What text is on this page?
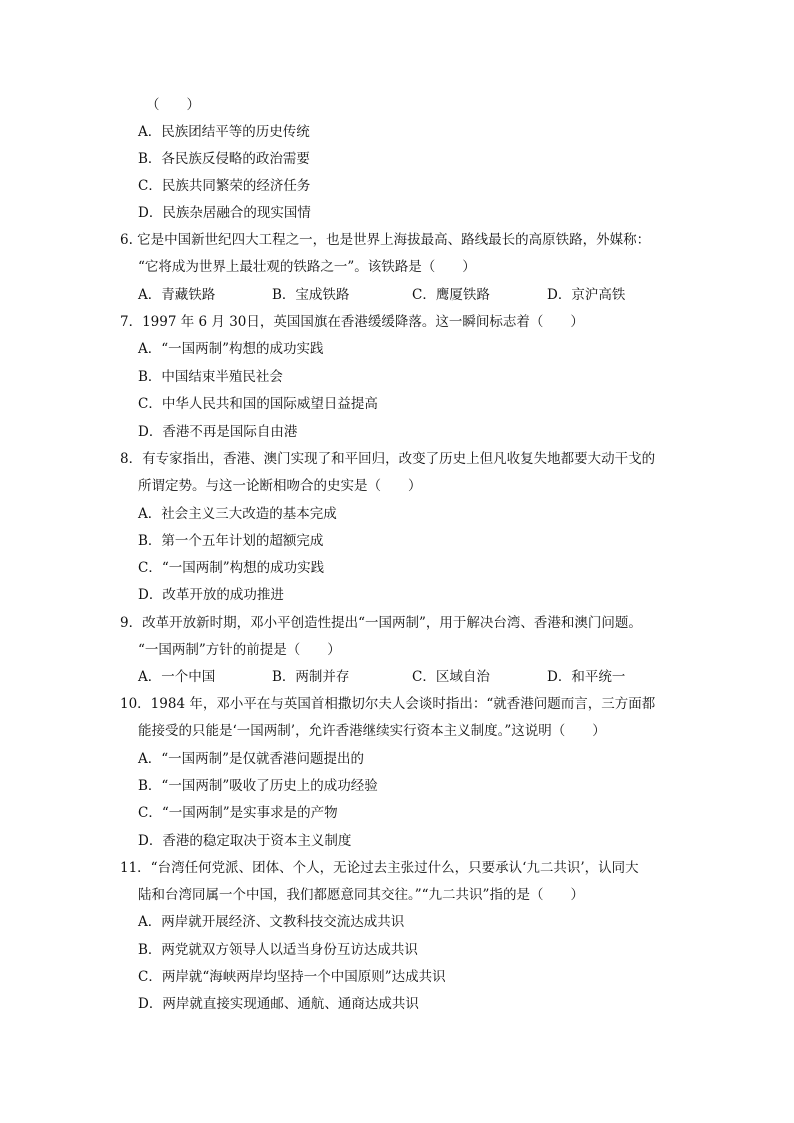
（　　）
A．民族团结平等的历史传统
B．各民族反侵略的政治需要
C．民族共同繁荣的经济任务
D．民族杂居融合的现实国情
6. 它是中国新世纪四大工程之一，也是世界上海拔最高、路线最长的高原铁路，外媒称：
“它将成为世界上最壮观的铁路之一”。该铁路是（　　）
A．青藏铁路	B．宝成铁路	C．鹰厦铁路	D．京沪高铁
7．1997 年 6 月 30日，英国国旗在香港缓缓降落。这一瞬间标志着（　　）
A．“一国两制”构想的成功实践
B．中国结束半殖民社会
C．中华人民共和国的国际威望日益提高
D．香港不再是国际自由港
8．有专家指出，香港、澳门实现了和平回归，改变了历史上但凡收复失地都要大动干戈的
所谓定势。与这一论断相吻合的史实是（　　）
A．社会主义三大改造的基本完成
B．第一个五年计划的超额完成
C．“一国两制”构想的成功实践
D．改革开放的成功推进
9．改革开放新时期，邓小平创造性提出“一国两制”，用于解决台湾、香港和澳门问题。
“一国两制”方针的前提是（　　）
A．一个中国	B．两制并存	C．区域自治	D．和平统一
10．1984 年，邓小平在与英国首相撒切尔夫人会谈时指出：“就香港问题而言，三方面都
能接受的只能是‘一国两制’，允许香港继续实行资本主义制度。”这说明（　　）
A．“一国两制”是仅就香港问题提出的
B．“一国两制”吸收了历史上的成功经验
C．“一国两制”是实事求是的产物
D．香港的稳定取决于资本主义制度
11．“台湾任何党派、团体、个人，无论过去主张过什么，只要承认‘九二共识’，认同大
陆和台湾同属一个中国，我们都愿意同其交往。”“九二共识”指的是（　　）
A．两岸就开展经济、文教科技交流达成共识
B．两党就双方领导人以适当身份互访达成共识
C．两岸就“海峡两岸均坚持一个中国原则”达成共识
D．两岸就直接实现通邮、通航、通商达成共识
